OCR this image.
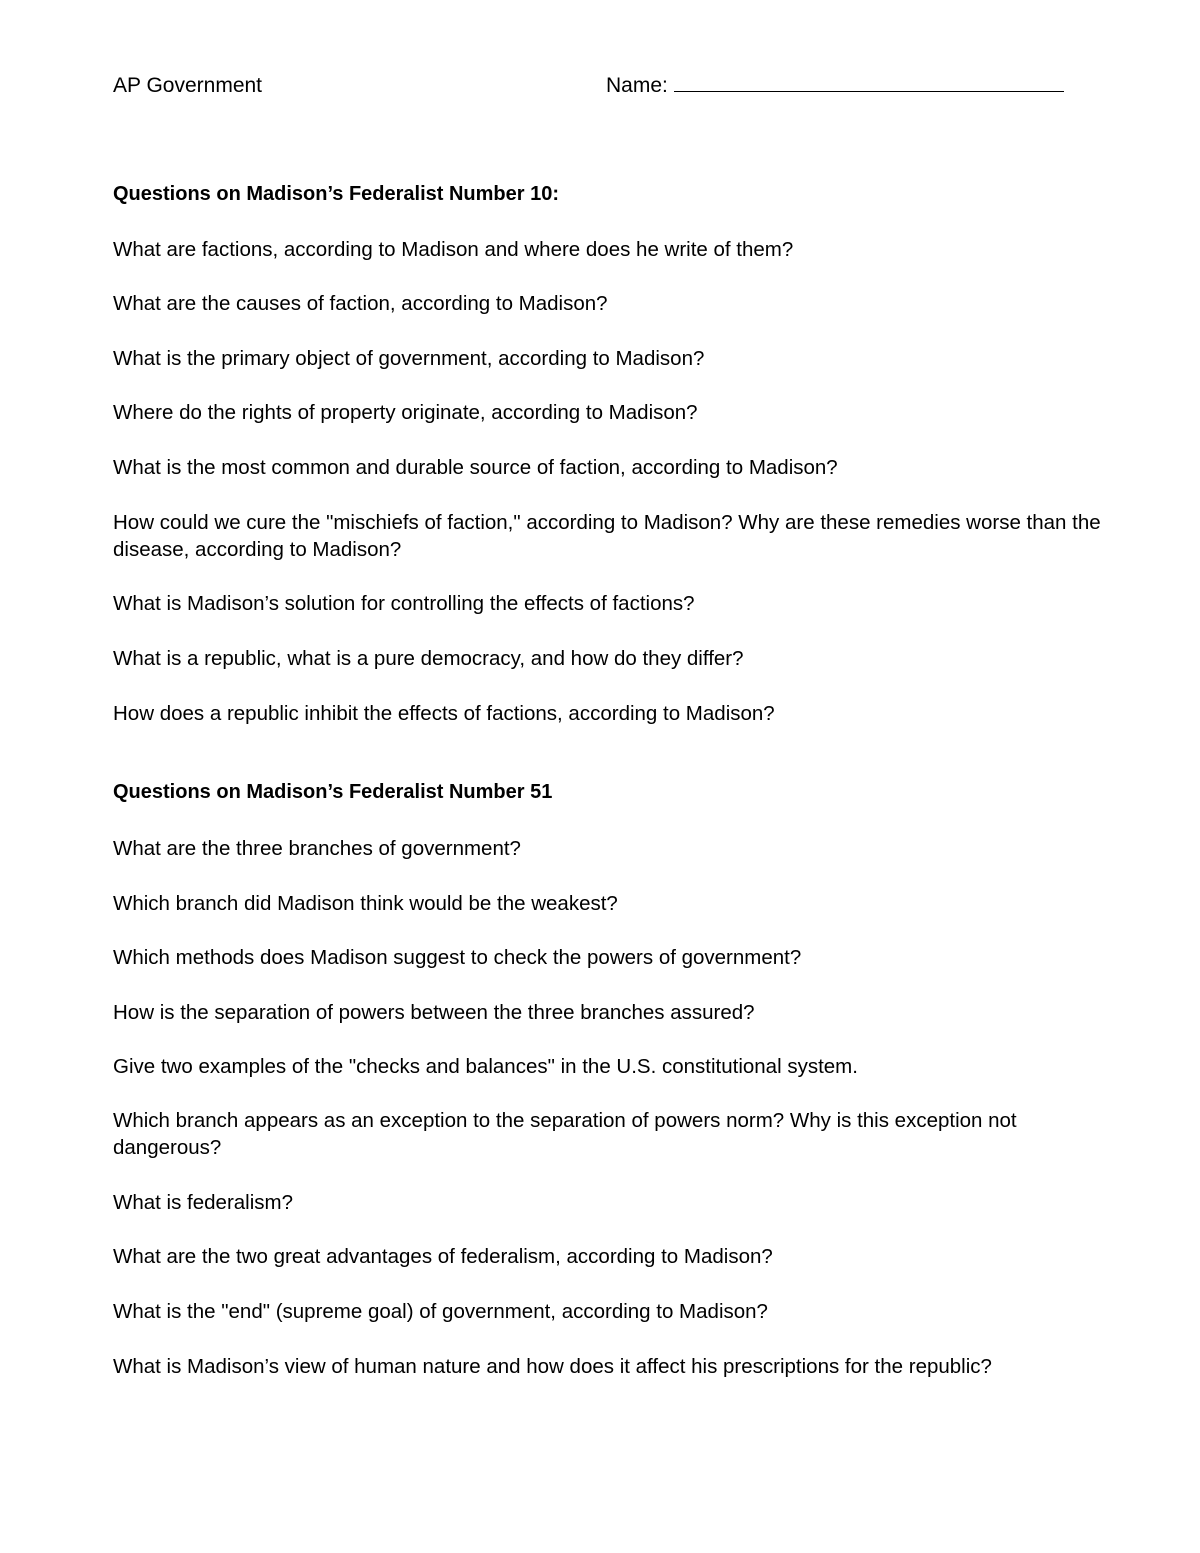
AP Government	Name:
Questions on Madison’s Federalist Number 10:
What are factions, according to Madison and where does he write of them?
What are the causes of faction, according to Madison?
What is the primary object of government, according to Madison?
Where do the rights of property originate, according to Madison?
What is the most common and durable source of faction, according to Madison?
How could we cure the "mischiefs of faction," according to Madison? Why are these remedies worse than the disease, according to Madison?
What is Madison’s solution for controlling the effects of factions?
What is a republic, what is a pure democracy, and how do they differ?
How does a republic inhibit the effects of factions, according to Madison?
Questions on Madison’s Federalist Number 51
What are the three branches of government?
Which branch did Madison think would be the weakest?
Which methods does Madison suggest to check the powers of government?
How is the separation of powers between the three branches assured?
Give two examples of the "checks and balances" in the U.S. constitutional system.
Which branch appears as an exception to the separation of powers norm? Why is this exception not dangerous?
What is federalism?
What are the two great advantages of federalism, according to Madison?
What is the "end" (supreme goal) of government, according to Madison?
What is Madison’s view of human nature and how does it affect his prescriptions for the republic?
